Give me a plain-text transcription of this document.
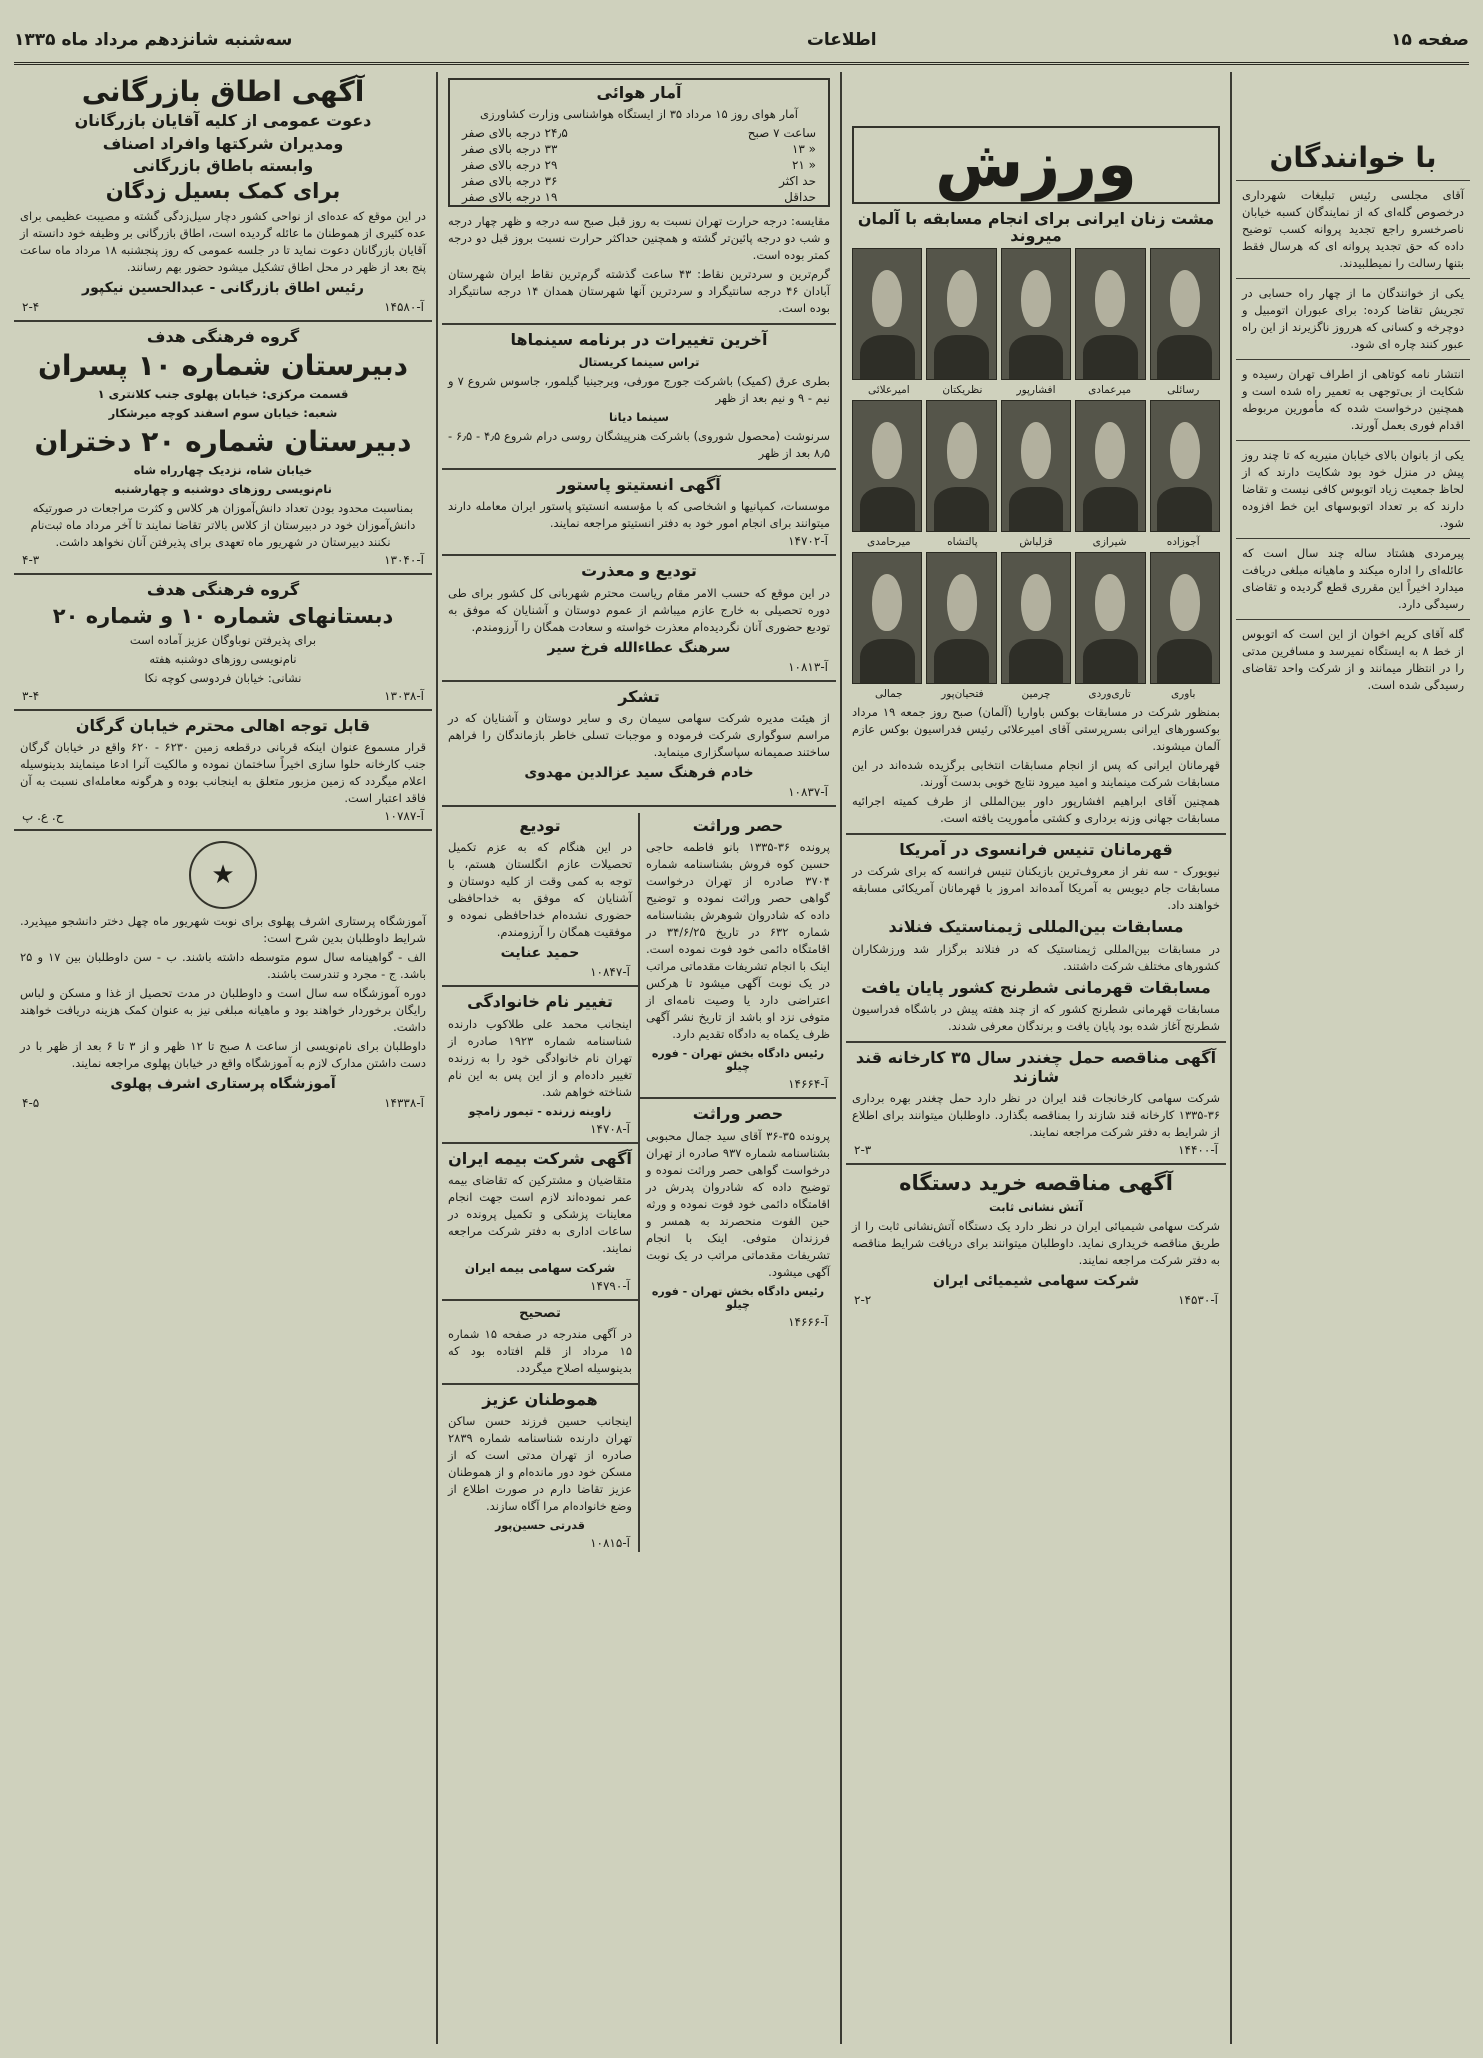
صفحه ۱۵
اطلاعات
سه‌شنبه شانزدهم مرداد ماه ۱۳۳۵
با خوانندگان

آقای مجلسی رئیس تبلیغات شهرداری درخصوص گله‌ای که از نمایندگان کسبه خیابان ناصرخسرو راجع تجدید پروانه کسب توضیح داده که حق تجدید پروانه ای که هرسال فقط بتنها رسالت را نمیطلبیدند.

یکی از خوانندگان ما از چهار راه حسابی در تجریش تقاضا کرده: برای عبوران اتومبیل و دوچرخه و کسانی که هرروز ناگزیرند از این راه عبور کنند چاره ای شود.

انتشار نامه کوتاهی از اطراف تهران رسیده و شکایت از بی‌توجهی به تعمیر راه شده است و همچنین درخواست شده که مأمورین مربوطه اقدام فوری بعمل آورند.

یکی از بانوان بالای خیابان منیریه که تا چند روز پیش در منزل خود بود شکایت دارند که از لحاظ جمعیت زیاد اتوبوس کافی نیست و تقاضا دارند که بر تعداد اتوبوسهای این خط افزوده شود.

پیرمردی هشتاد ساله چند سال است که عائله‌ای را اداره میکند و ماهیانه مبلغی دریافت میدارد اخیراً این مقرری قطع گردیده و تقاضای رسیدگی دارد.

گله آقای کریم اخوان از این است که اتوبوس از خط ۸ به ایستگاه نمیرسد و مسافرین مدتی را در انتظار میمانند و از شرکت واحد تقاضای رسیدگی شده است.

ورزش
مشت زنان ایرانی برای انجام مسابقه با آلمان میروند
رسائلی
میرعمادی
افشارپور
نظریکتان
امیرعلائی
آجوزاده
شیرازی
قزلباش
پالتشاه
میرحامدی
باوری
تاری‌وردی
چرمین
فتحیان‌پور
جمالی

بمنظور شرکت در مسابقات بوکس باواریا (آلمان) صبح روز جمعه ۱۹ مرداد بوکسورهای ایرانی بسرپرستی آقای امیرعلائی رئیس فدراسیون بوکس عازم آلمان میشوند.

قهرمانان ایرانی که پس از انجام مسابقات انتخابی برگزیده شده‌اند در این مسابقات شرکت مینمایند و امید میرود نتایج خوبی بدست آورند.

همچنین آقای ابراهیم افشارپور داور بین‌المللی از طرف کمیته اجرائیه مسابقات جهانی وزنه برداری و کشتی مأموریت یافته است.

قهرمانان تنیس فرانسوی در آمریکا

نیویورک - سه نفر از معروف‌ترین بازیکنان تنیس فرانسه که برای شرکت در مسابقات جام دیویس به آمریکا آمده‌اند امروز با قهرمانان آمریکائی مسابقه خواهند داد.

مسابقات بین‌المللی ژیمناستیک فنلاند

در مسابقات بین‌المللی ژیمناستیک که در فنلاند برگزار شد ورزشکاران کشورهای مختلف شرکت داشتند.

مسابقات قهرمانی شطرنج کشور پایان یافت

مسابقات قهرمانی شطرنج کشور که از چند هفته پیش در باشگاه فدراسیون شطرنج آغاز شده بود پایان یافت و برندگان معرفی شدند.

آگهی مناقصه حمل چغندر سال ۳۵ کارخانه قند شازند

شرکت سهامی کارخانجات قند ایران در نظر دارد حمل چغندر بهره برداری ۳۶-۱۳۳۵ کارخانه قند شازند را بمناقصه بگذارد. داوطلبان میتوانند برای اطلاع از شرایط به دفتر شرکت مراجعه نمایند.

آ-۱۴۴۰۰
۲-۳
آگهی مناقصه خرید دستگاه
آتش نشانی ثابت

شرکت سهامی شیمیائی ایران در نظر دارد یک دستگاه آتش‌نشانی ثابت را از طریق مناقصه خریداری نماید. داوطلبان میتوانند برای دریافت شرایط مناقصه به دفتر شرکت مراجعه نمایند.

شرکت سهامی شیمیائی ایران
آ-۱۴۵۳۰
۲-۲
آمار هوائی
آمار هوای روز ۱۵ مرداد ۳۵ از ایستگاه هواشناسی وزارت کشاورزی
ساعت ۷ صبح
۲۴٫۵ درجه بالای صفر
« ۱۳
۳۳ درجه بالای صفر
« ۲۱
۲۹ درجه بالای صفر
حد اکثر
۳۶ درجه بالای صفر
حداقل
۱۹ درجه بالای صفر

مقایسه: درجه حرارت تهران نسبت به روز قبل صبح سه درجه و ظهر چهار درجه و شب دو درجه پائین‌تر گشته و همچنین حداکثر حرارت نسبت بروز قبل دو درجه کمتر بوده است.

گرم‌ترین و سردترین نقاط: ۴۳ ساعت گذشته گرم‌ترین نقاط ایران شهرستان آبادان ۴۶ درجه سانتیگراد و سردترین آنها شهرستان همدان ۱۴ درجه سانتیگراد بوده است.

آخرین تغییرات در برنامه سینماها
تراس سینما کریستال

بطری عرق (کمیک) باشرکت جورج مورفی، ویرجینیا گیلمور، جاسوس شروع ۷ و نیم - ۹ و نیم بعد از ظهر

سینما دیانا

سرنوشت (محصول شوروی) باشرکت هنرپیشگان روسی درام شروع ۴٫۵ - ۶٫۵ - ۸٫۵ بعد از ظهر

آگهی انستیتو پاستور

موسسات، کمپانیها و اشخاصی که با مؤسسه انستیتو پاستور ایران معامله دارند میتوانند برای انجام امور خود به دفتر انستیتو مراجعه نمایند.

آ-۱۴۷۰۲
تودیع و معذرت

در این موقع که حسب الامر مقام ریاست محترم شهربانی کل کشور برای طی دوره تحصیلی به خارج عازم میباشم از عموم دوستان و آشنایان که موفق به تودیع حضوری آنان نگردیده‌ام معذرت خواسته و سعادت همگان را آرزومندم.

سرهنگ عطاءالله فرخ سیر
آ-۱۰۸۱۳
تشکر

از هیئت مدیره شرکت سهامی سیمان ری و سایر دوستان و آشنایان که در مراسم سوگواری شرکت فرموده و موجبات تسلی خاطر بازماندگان را فراهم ساختند صمیمانه سپاسگزاری مینماید.

خادم فرهنگ سید عزالدین مهدوی
آ-۱۰۸۳۷
حصر وراثت

پرونده ۳۶-۱۳۳۵ بانو فاطمه حاجی حسین کوه فروش بشناسنامه شماره ۳۷۰۴ صادره از تهران درخواست گواهی حصر وراثت نموده و توضیح داده که شادروان شوهرش بشناسنامه شماره ۶۳۲ در تاریخ ۳۴/۶/۲۵ در اقامتگاه دائمی خود فوت نموده است. اینک با انجام تشریفات مقدماتی مراتب در یک نوبت آگهی میشود تا هرکس اعتراضی دارد یا وصیت نامه‌ای از متوفی نزد او باشد از تاریخ نشر آگهی ظرف یکماه به دادگاه تقدیم دارد.

رئیس دادگاه بخش تهران - فوره چیلو
آ-۱۴۶۶۴
حصر وراثت

پرونده ۳۵-۳۶ آقای سید جمال محبوبی بشناسنامه شماره ۹۳۷ صادره از تهران درخواست گواهی حصر وراثت نموده و توضیح داده که شادروان پدرش در اقامتگاه دائمی خود فوت نموده و ورثه حین الفوت منحصرند به همسر و فرزندان متوفی. اینک با انجام تشریفات مقدماتی مراتب در یک نوبت آگهی میشود.

رئیس دادگاه بخش تهران - فوره چیلو
آ-۱۴۶۶۶
تودیع

در این هنگام که به عزم تکمیل تحصیلات عازم انگلستان هستم، با توجه به کمی وقت از کلیه دوستان و آشنایان که موفق به خداحافظی حضوری نشده‌ام خداحافظی نموده و موفقیت همگان را آرزومندم.

حمید عنایت
آ-۱۰۸۴۷
تغییر نام خانوادگی

اینجانب محمد علی طلاکوب دارنده شناسنامه شماره ۱۹۲۳ صادره از تهران نام خانوادگی خود را به زرنده تغییر داده‌ام و از این پس به این نام شناخته خواهم شد.

زاوینه زرنده - تیمور زامچو
آ-۱۴۷۰۸
آگهی شرکت بیمه ایران

متقاضیان و مشترکین که تقاضای بیمه عمر نموده‌اند لازم است جهت انجام معاینات پزشکی و تکمیل پرونده در ساعات اداری به دفتر شرکت مراجعه نمایند.

شرکت سهامی بیمه ایران
آ-۱۴۷۹۰
تصحیح

در آگهی مندرجه در صفحه ۱۵ شماره ۱۵ مرداد از قلم افتاده بود که بدینوسیله اصلاح میگردد.

هموطنان عزیز

اینجانب حسین فرزند حسن ساکن تهران دارنده شناسنامه شماره ۲۸۳۹ صادره از تهران مدتی است که از مسکن خود دور مانده‌ام و از هموطنان عزیز تقاضا دارم در صورت اطلاع از وضع خانواده‌ام مرا آگاه سازند.

قدرتی حسین‌پور
آ-۱۰۸۱۵
آگهی اطاق بازرگانی
دعوت عمومی از کلیه آقایان بازرگانان
ومدیران شرکتها وافراد اصناف
وابسته باطاق بازرگانی
برای کمک بسیل زدگان

در این موقع که عده‌ای از نواحی کشور دچار سیل‌زدگی گشته و مصیبت عظیمی برای عده کثیری از هموطنان ما عائله گردیده است، اطاق بازرگانی بر وظیفه خود دانسته از آقایان بازرگانان دعوت نماید تا در جلسه عمومی که روز پنجشنبه ۱۸ مرداد ماه ساعت پنج بعد از ظهر در محل اطاق تشکیل میشود حضور بهم رسانند.

رئیس اطاق بازرگانی - عبدالحسین نیکپور
آ-۱۴۵۸۰
۲-۴
گروه فرهنگی هدف
دبیرستان شماره ۱۰ پسران
قسمت مرکزی: خیابان پهلوی جنب کلانتری ۱
شعبه: خیابان سوم اسفند کوچه میرشکار
دبیرستان شماره ۲۰ دختران
خیابان شاه، نزدیک چهارراه شاه
نام‌نویسی روزهای دوشنبه و چهارشنبه

بمناسبت محدود بودن تعداد دانش‌آموزان هر کلاس و کثرت مراجعات در صورتیکه دانش‌آموزان خود در دبیرستان از کلاس بالاتر تقاضا نمایند تا آخر مرداد ماه ثبت‌نام نکنند دبیرستان در شهریور ماه تعهدی برای پذیرفتن آنان نخواهد داشت.

آ-۱۳۰۴۰
۴-۳
گروه فرهنگی هدف
دبستانهای شماره ۱۰ و شماره ۲۰
برای پذیرفتن نوباوگان عزیز آماده است
نام‌نویسی روزهای دوشنبه هفته
نشانی: خیابان فردوسی کوچه نکا
آ-۱۳۰۳۸
۳-۴
قابل توجه اهالی محترم خیابان گرگان

قرار مسموع عنوان اینکه قربانی درقطعه زمین ۶۲۳۰ - ۶۲۰ واقع در خیابان گرگان جنب کارخانه حلوا سازی اخیراً ساختمان نموده و مالکیت آنرا ادعا مینمایند بدینوسیله اعلام میگردد که زمین مزبور متعلق به اینجانب بوده و هرگونه معامله‌ای نسبت به آن فاقد اعتبار است.

آ-۱۰۷۸۷
ح. ع. پ
★

آموزشگاه پرستاری اشرف پهلوی برای نوبت شهریور ماه چهل دختر دانشجو میپذیرد. شرایط داوطلبان بدین شرح است:

الف - گواهینامه سال سوم متوسطه داشته باشند. ب - سن داوطلبان بین ۱۷ و ۲۵ باشد. ج - مجرد و تندرست باشند.

دوره آموزشگاه سه سال است و داوطلبان در مدت تحصیل از غذا و مسکن و لباس رایگان برخوردار خواهند بود و ماهیانه مبلغی نیز به عنوان کمک هزینه دریافت خواهند داشت.

داوطلبان برای نام‌نویسی از ساعت ۸ صبح تا ۱۲ ظهر و از ۳ تا ۶ بعد از ظهر با در دست داشتن مدارک لازم به آموزشگاه واقع در خیابان پهلوی مراجعه نمایند.

آموزشگاه پرستاری اشرف پهلوی
آ-۱۴۳۳۸
۴-۵
